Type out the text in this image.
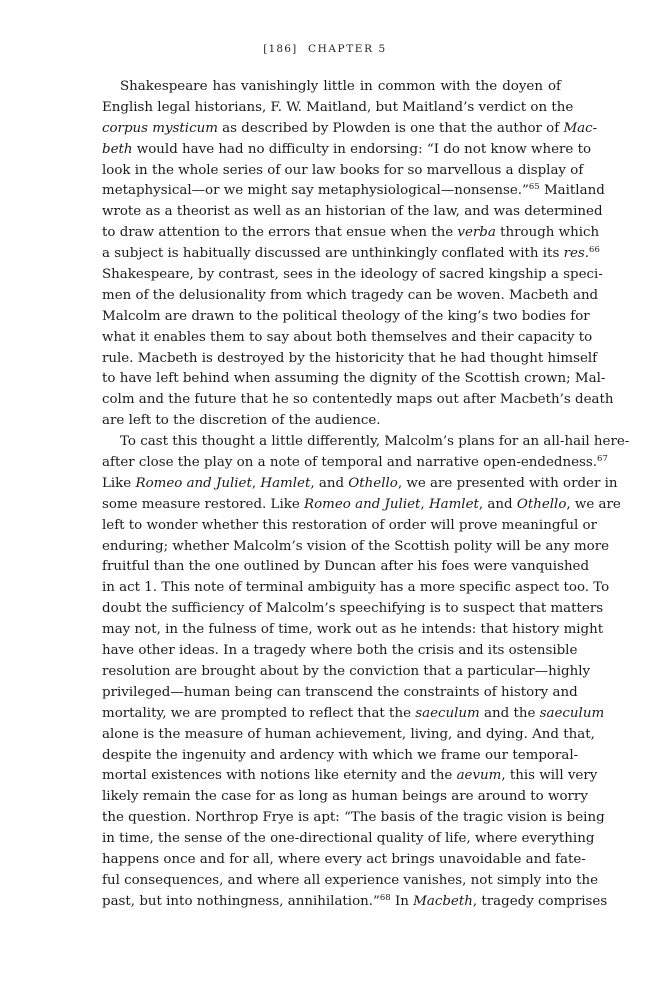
[186] CHAPTER 5
Shakespeare has vanishingly little in common with the doyen of
English legal historians, F. W. Maitland, but Maitland’s verdict on the
corpus mysticum as described by Plowden is one that the author of Mac-
beth would have had no difficulty in endorsing: “I do not know where to
look in the whole series of our law books for so marvellous a display of
metaphysical—or we might say metaphysiological—nonsense.”$^{65}$ Maitland
wrote as a theorist as well as an historian of the law, and was determined
to draw attention to the errors that ensue when the verba through which
a subject is habitually discussed are unthinkingly conflated with its res.$^{66}$
Shakespeare, by contrast, sees in the ideology of sacred kingship a speci-
men of the delusionality from which tragedy can be woven. Macbeth and
Malcolm are drawn to the political theology of the king’s two bodies for
what it enables them to say about both themselves and their capacity to
rule. Macbeth is destroyed by the historicity that he had thought himself
to have left behind when assuming the dignity of the Scottish crown; Mal-
colm and the future that he so contentedly maps out after Macbeth’s death
are left to the discretion of the audience.
To cast this thought a little differently, Malcolm’s plans for an all-hail here-
after close the play on a note of temporal and narrative open-endedness.$^{67}$
Like Romeo and Juliet, Hamlet, and Othello, we are presented with order in
some measure restored. Like Romeo and Juliet, Hamlet, and Othello, we are
left to wonder whether this restoration of order will prove meaningful or
enduring; whether Malcolm’s vision of the Scottish polity will be any more
fruitful than the one outlined by Duncan after his foes were vanquished
in act 1. This note of terminal ambiguity has a more specific aspect too. To
doubt the sufficiency of Malcolm’s speechifying is to suspect that matters
may not, in the fulness of time, work out as he intends: that history might
have other ideas. In a tragedy where both the crisis and its ostensible
resolution are brought about by the conviction that a particular—highly
privileged—human being can transcend the constraints of history and
mortality, we are prompted to reflect that the saeculum and the saeculum
alone is the measure of human achievement, living, and dying. And that,
despite the ingenuity and ardency with which we frame our temporal-
mortal existences with notions like eternity and the aevum, this will very
likely remain the case for as long as human beings are around to worry
the question. Northrop Frye is apt: “The basis of the tragic vision is being
in time, the sense of the one-directional quality of life, where everything
happens once and for all, where every act brings unavoidable and fate-
ful consequences, and where all experience vanishes, not simply into the
past, but into nothingness, annihilation.”$^{68}$ In Macbeth, tragedy comprises
